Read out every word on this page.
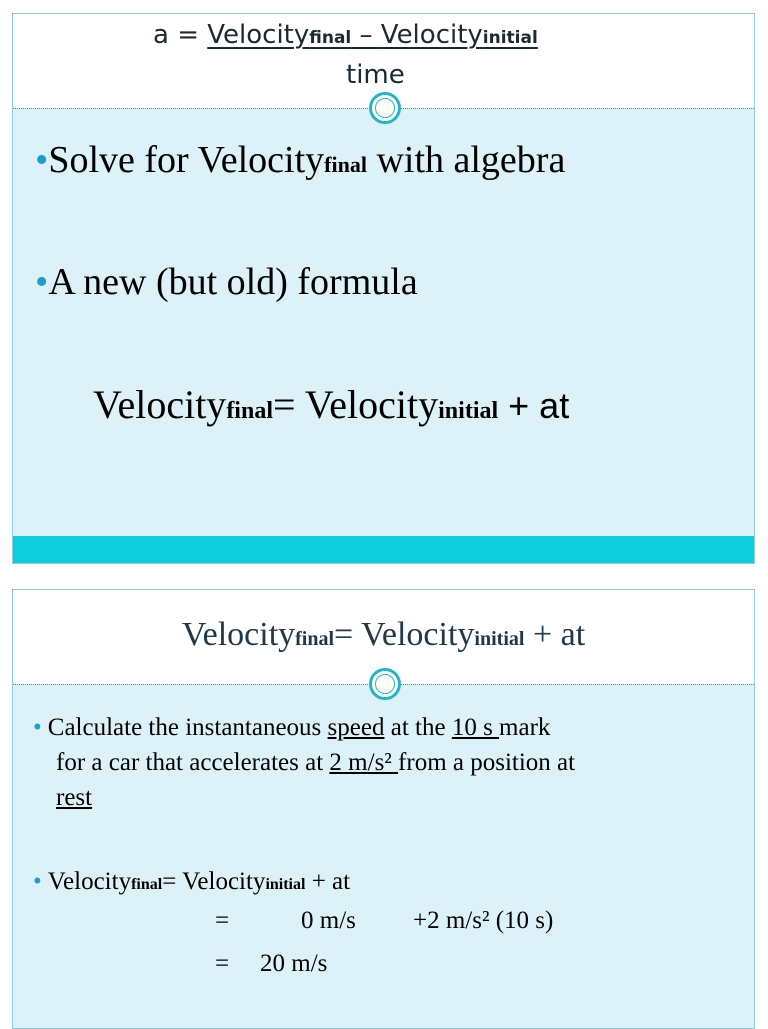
a = Velocityfinal – Velocityinitial
time
•Solve for Velocityfinal with algebra
•A new (but old) formula
Velocityfinal= Velocityinitial + at
Velocityfinal= Velocityinitial + at
• Calculate the instantaneous speed at the 10 s mark
for a car that accelerates at 2 m/s² from a position at
rest
• Velocityfinal= Velocityinitial + at
=	0 m/s +2 m/s² (10 s)
= 20 m/s
